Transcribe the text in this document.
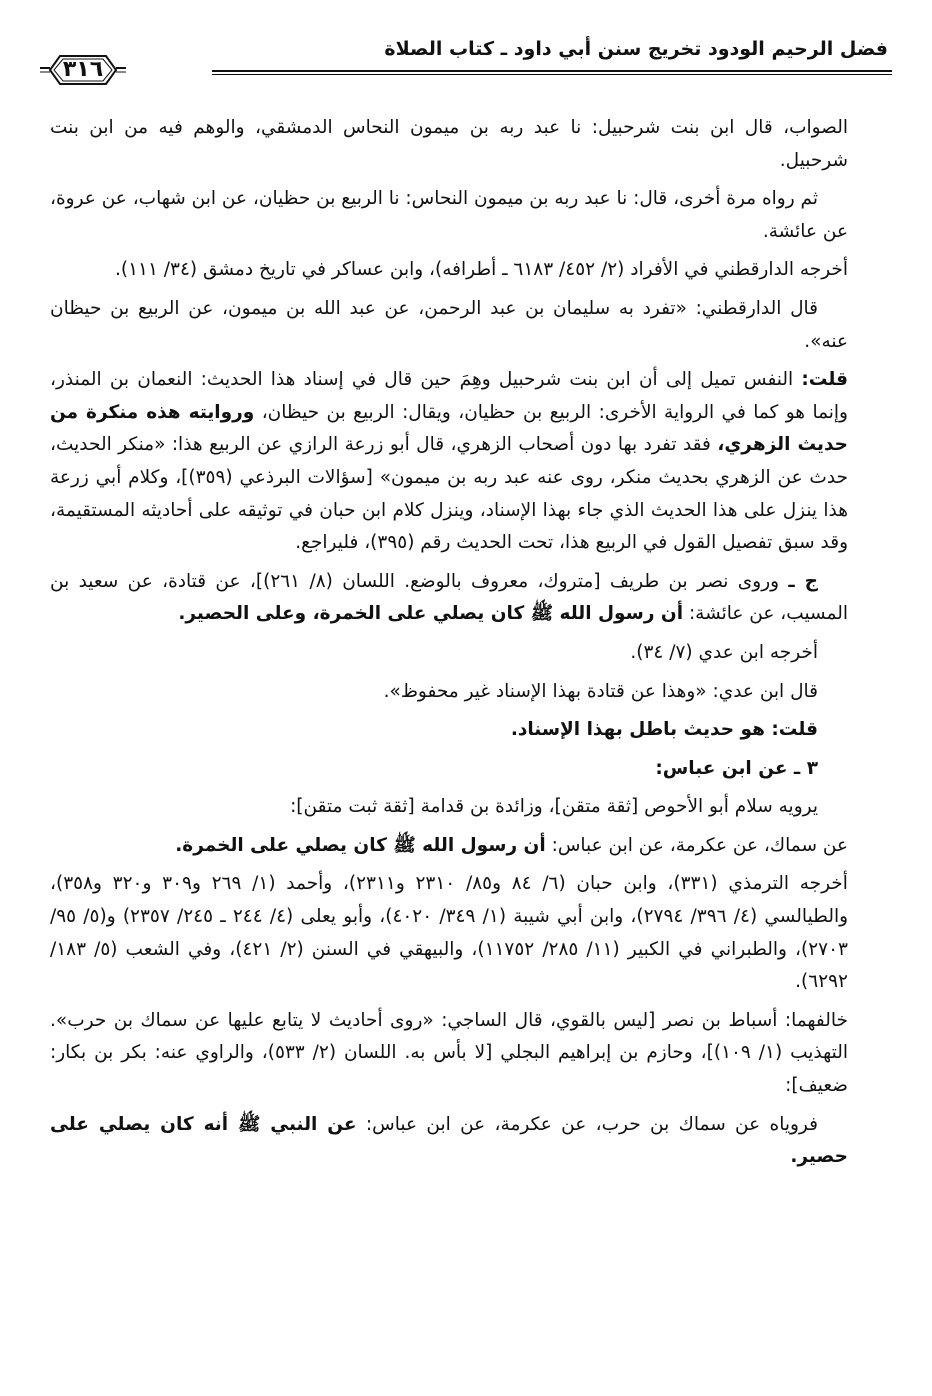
فضل الرحيم الودود تخريج سنن أبي داود ـ كتاب الصلاة
٣١٦

الصواب، قال ابن بنت شرحبيل: نا عبد ربه بن ميمون النحاس الدمشقي، والوهم فيه من ابن بنت شرحبيل.

ثم رواه مرة أخرى، قال: نا عبد ربه بن ميمون النحاس: نا الربيع بن حظيان، عن ابن شهاب، عن عروة، عن عائشة.

أخرجه الدارقطني في الأفراد (٢/ ٤٥٢/ ٦١٨٣ ـ أطرافه)، وابن عساكر في تاريخ دمشق (٣٤/ ١١١).

قال الدارقطني: «تفرد به سليمان بن عبد الرحمن، عن عبد الله بن ميمون، عن الربيع بن حيظان عنه».

قلت: النفس تميل إلى أن ابن بنت شرحبيل وهِمَ حين قال في إسناد هذا الحديث: النعمان بن المنذر، وإنما هو كما في الرواية الأخرى: الربيع بن حظيان، ويقال: الربيع بن حيظان، وروايته هذه منكرة من حديث الزهري، فقد تفرد بها دون أصحاب الزهري، قال أبو زرعة الرازي عن الربيع هذا: «منكر الحديث، حدث عن الزهري بحديث منكر، روى عنه عبد ربه بن ميمون» [سؤالات البرذعي (٣٥٩)]، وكلام أبي زرعة هذا ينزل على هذا الحديث الذي جاء بهذا الإسناد، وينزل كلام ابن حبان في توثيقه على أحاديثه المستقيمة، وقد سبق تفصيل القول في الربيع هذا، تحت الحديث رقم (٣٩٥)، فليراجع.

ج ـ وروى نصر بن طريف [متروك، معروف بالوضع. اللسان (٨/ ٢٦١)]، عن قتادة، عن سعيد بن المسيب، عن عائشة: أن رسول الله ﷺ كان يصلي على الخمرة، وعلى الحصير.

أخرجه ابن عدي (٧/ ٣٤).

قال ابن عدي: «وهذا عن قتادة بهذا الإسناد غير محفوظ».

قلت: هو حديث باطل بهذا الإسناد.

٣ ـ عن ابن عباس:

يرويه سلام أبو الأحوص [ثقة متقن]، وزائدة بن قدامة [ثقة ثبت متقن]:

عن سماك، عن عكرمة، عن ابن عباس: أن رسول الله ﷺ كان يصلي على الخمرة.

أخرجه الترمذي (٣٣١)، وابن حبان (٦/ ٨٤ و٨٥/ ٢٣١٠ و٢٣١١)، وأحمد (١/ ٢٦٩ و٣٠٩ و٣٢٠ و٣٥٨)، والطيالسي (٤/ ٣٩٦/ ٢٧٩٤)، وابن أبي شيبة (١/ ٣٤٩/ ٤٠٢٠)، وأبو يعلى (٤/ ٢٤٤ ـ ٢٤٥/ ٢٣٥٧) و(٥/ ٩٥/ ٢٧٠٣)، والطبراني في الكبير (١١/ ٢٨٥/ ١١٧٥٢)، والبيهقي في السنن (٢/ ٤٢١)، وفي الشعب (٥/ ١٨٣/ ٦٢٩٢).

خالفهما: أسباط بن نصر [ليس بالقوي، قال الساجي: «روى أحاديث لا يتابع عليها عن سماك بن حرب». التهذيب (١/ ١٠٩)]، وحازم بن إبراهيم البجلي [لا بأس به. اللسان (٢/ ٥٣٣)، والراوي عنه: بكر بن بكار: ضعيف]:

فروياه عن سماك بن حرب، عن عكرمة، عن ابن عباس: عن النبي ﷺ أنه كان يصلي على حصير.
